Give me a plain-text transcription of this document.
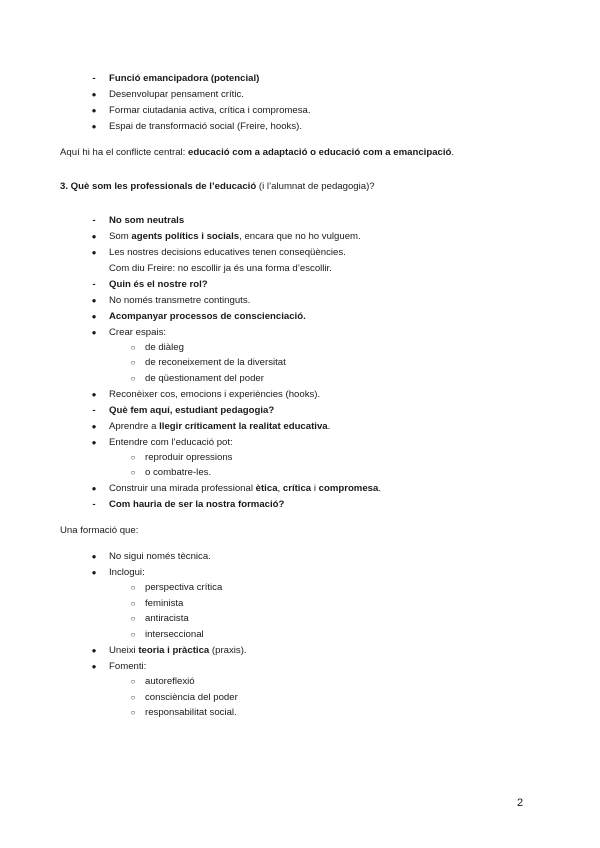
-	Funció emancipadora (potencial)
●	Desenvolupar pensament crític.
●	Formar ciutadania activa, crítica i compromesa.
●	Espai de transformació social (Freire, hooks).
Aquí hi ha el conflicte central: educació com a adaptació o educació com a emancipació.
3. Què som les professionals de l’educació (i l’alumnat de pedagogia)?
-	No som neutrals
●	Som agents polítics i socials, encara que no ho vulguem.
●	Les nostres decisions educatives tenen conseqüències.
Com diu Freire: no escollir ja és una forma d’escollir.
-	Quin és el nostre rol?
●	No només transmetre continguts.
●	Acompanyar processos de conscienciació.
●	Crear espais:
○ de diàleg
○ de reconeixement de la diversitat
○ de qüestionament del poder
●	Reconèixer cos, emocions i experiències (hooks).
-	Què fem aquí, estudiant pedagogia?
●	Aprendre a llegir críticament la realitat educativa.
●	Entendre com l’educació pot:
○ reproduir opressions
○ o combatre-les.
●	Construir una mirada professional ètica, crítica i compromesa.
-	Com hauria de ser la nostra formació?
Una formació que:
●	No sigui només tècnica.
●	Inclogui:
○ perspectiva crítica
○ feminista
○ antiracista
○ interseccional
●	Uneixi teoria i pràctica (praxis).
●	Fomenti:
○ autoreflexió
○ consciència del poder
○ responsabilitat social.
2
